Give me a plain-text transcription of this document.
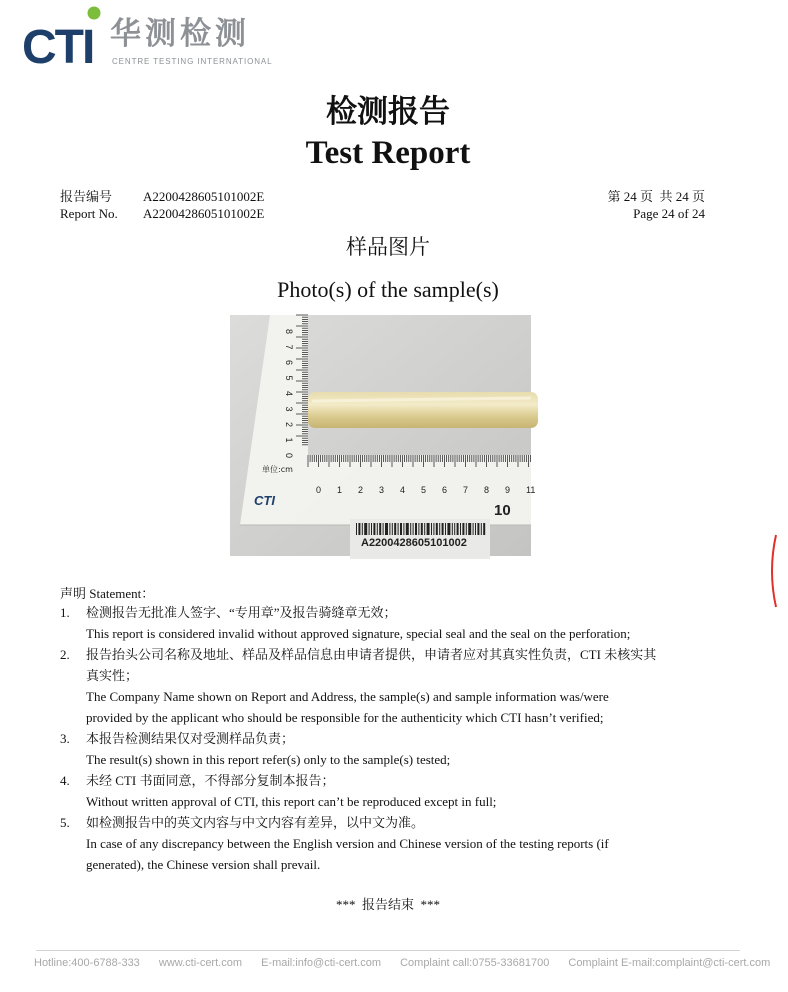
CTI 华测检测
CENTRE TESTING INTERNATIONAL
检测报告
Test Report
报告编号
Report No.
A2200428605101002E
A2200428605101002E
第 24 页  共 24 页
Page 24 of 24
样品图片
Photo(s) of the sample(s)
8
7
6
5
4
3
2
1
0
0 1 2 3 4 5 6 7 8 9 11
单位:cm
CTI
10
A2200428605101002
声明 Statement：
1. 检测报告无批准人签字、“专用章”及报告骑缝章无效；
This report is considered invalid without approved signature, special seal and the seal on the perforation;
2. 报告抬头公司名称及地址、样品及样品信息由申请者提供，申请者应对其真实性负责，CTI 未核实其
真实性；
The Company Name shown on Report and Address, the sample(s) and sample information was/were
provided by the applicant who should be responsible for the authenticity which CTI hasn’t verified;
3. 本报告检测结果仅对受测样品负责；
The result(s) shown in this report refer(s) only to the sample(s) tested;
4. 未经 CTI 书面同意，不得部分复制本报告；
Without written approval of CTI, this report can’t be reproduced except in full;
5. 如检测报告中的英文内容与中文内容有差异，以中文为准。
In case of any discrepancy between the English version and Chinese version of the testing reports (if
generated), the Chinese version shall prevail.
***  报告结束  ***
Hotline:400-6788-333 www.cti-cert.com E-mail:info@cti-cert.com Complaint call:0755-33681700 Complaint E-mail:complaint@cti-cert.com
